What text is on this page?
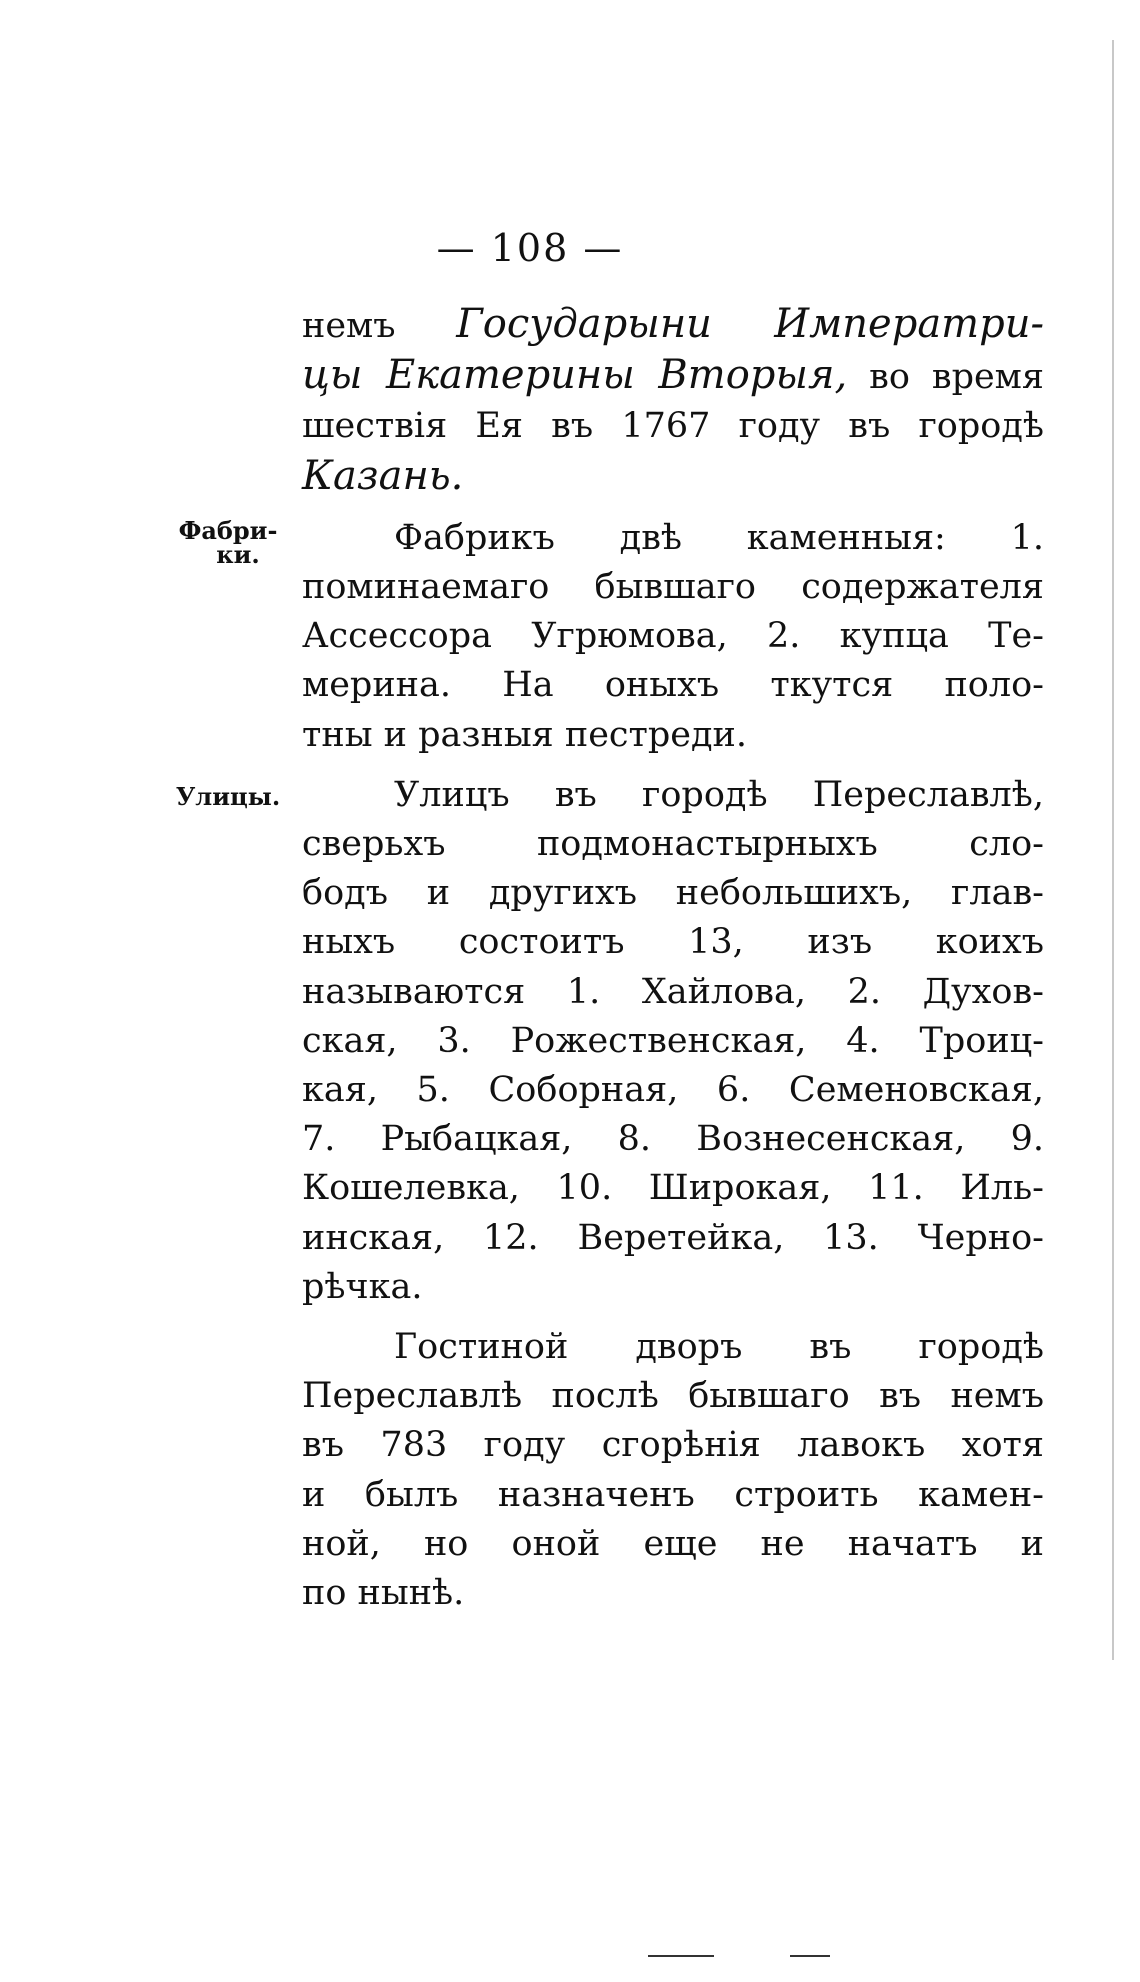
— 108 —
Фабри-
ки.
Улицы.
немъ Государыни Императри-
цы Екатерины Вторыя, во время
шествія Ея въ 1767 году въ городѣ
Казань.
Фабрикъ двѣ каменныя: 1.
поминаемаго бывшаго содержателя
Ассессора Угрюмова, 2. купца Те-
мерина. На оныхъ ткутся поло-
тны и разныя пестреди.
Улицъ въ городѣ Переславлѣ,
сверьхъ подмонастырныхъ сло-
бодъ и другихъ небольшихъ, глав-
ныхъ состоитъ 13, изъ коихъ
называются 1. Хайлова, 2. Духов-
ская, 3. Рожественская, 4. Троиц-
кая, 5. Соборная, 6. Семеновская,
7. Рыбацкая, 8. Вознесенская, 9.
Кошелевка, 10. Широкая, 11. Иль-
инская, 12. Веретейка, 13. Черно-
рѣчка.
Гостиной дворъ въ городѣ
Переславлѣ послѣ бывшаго въ немъ
въ 783 году сгорѣнія лавокъ хотя
и былъ назначенъ строить камен-
ной, но оной еще не начатъ и
по нынѣ.
